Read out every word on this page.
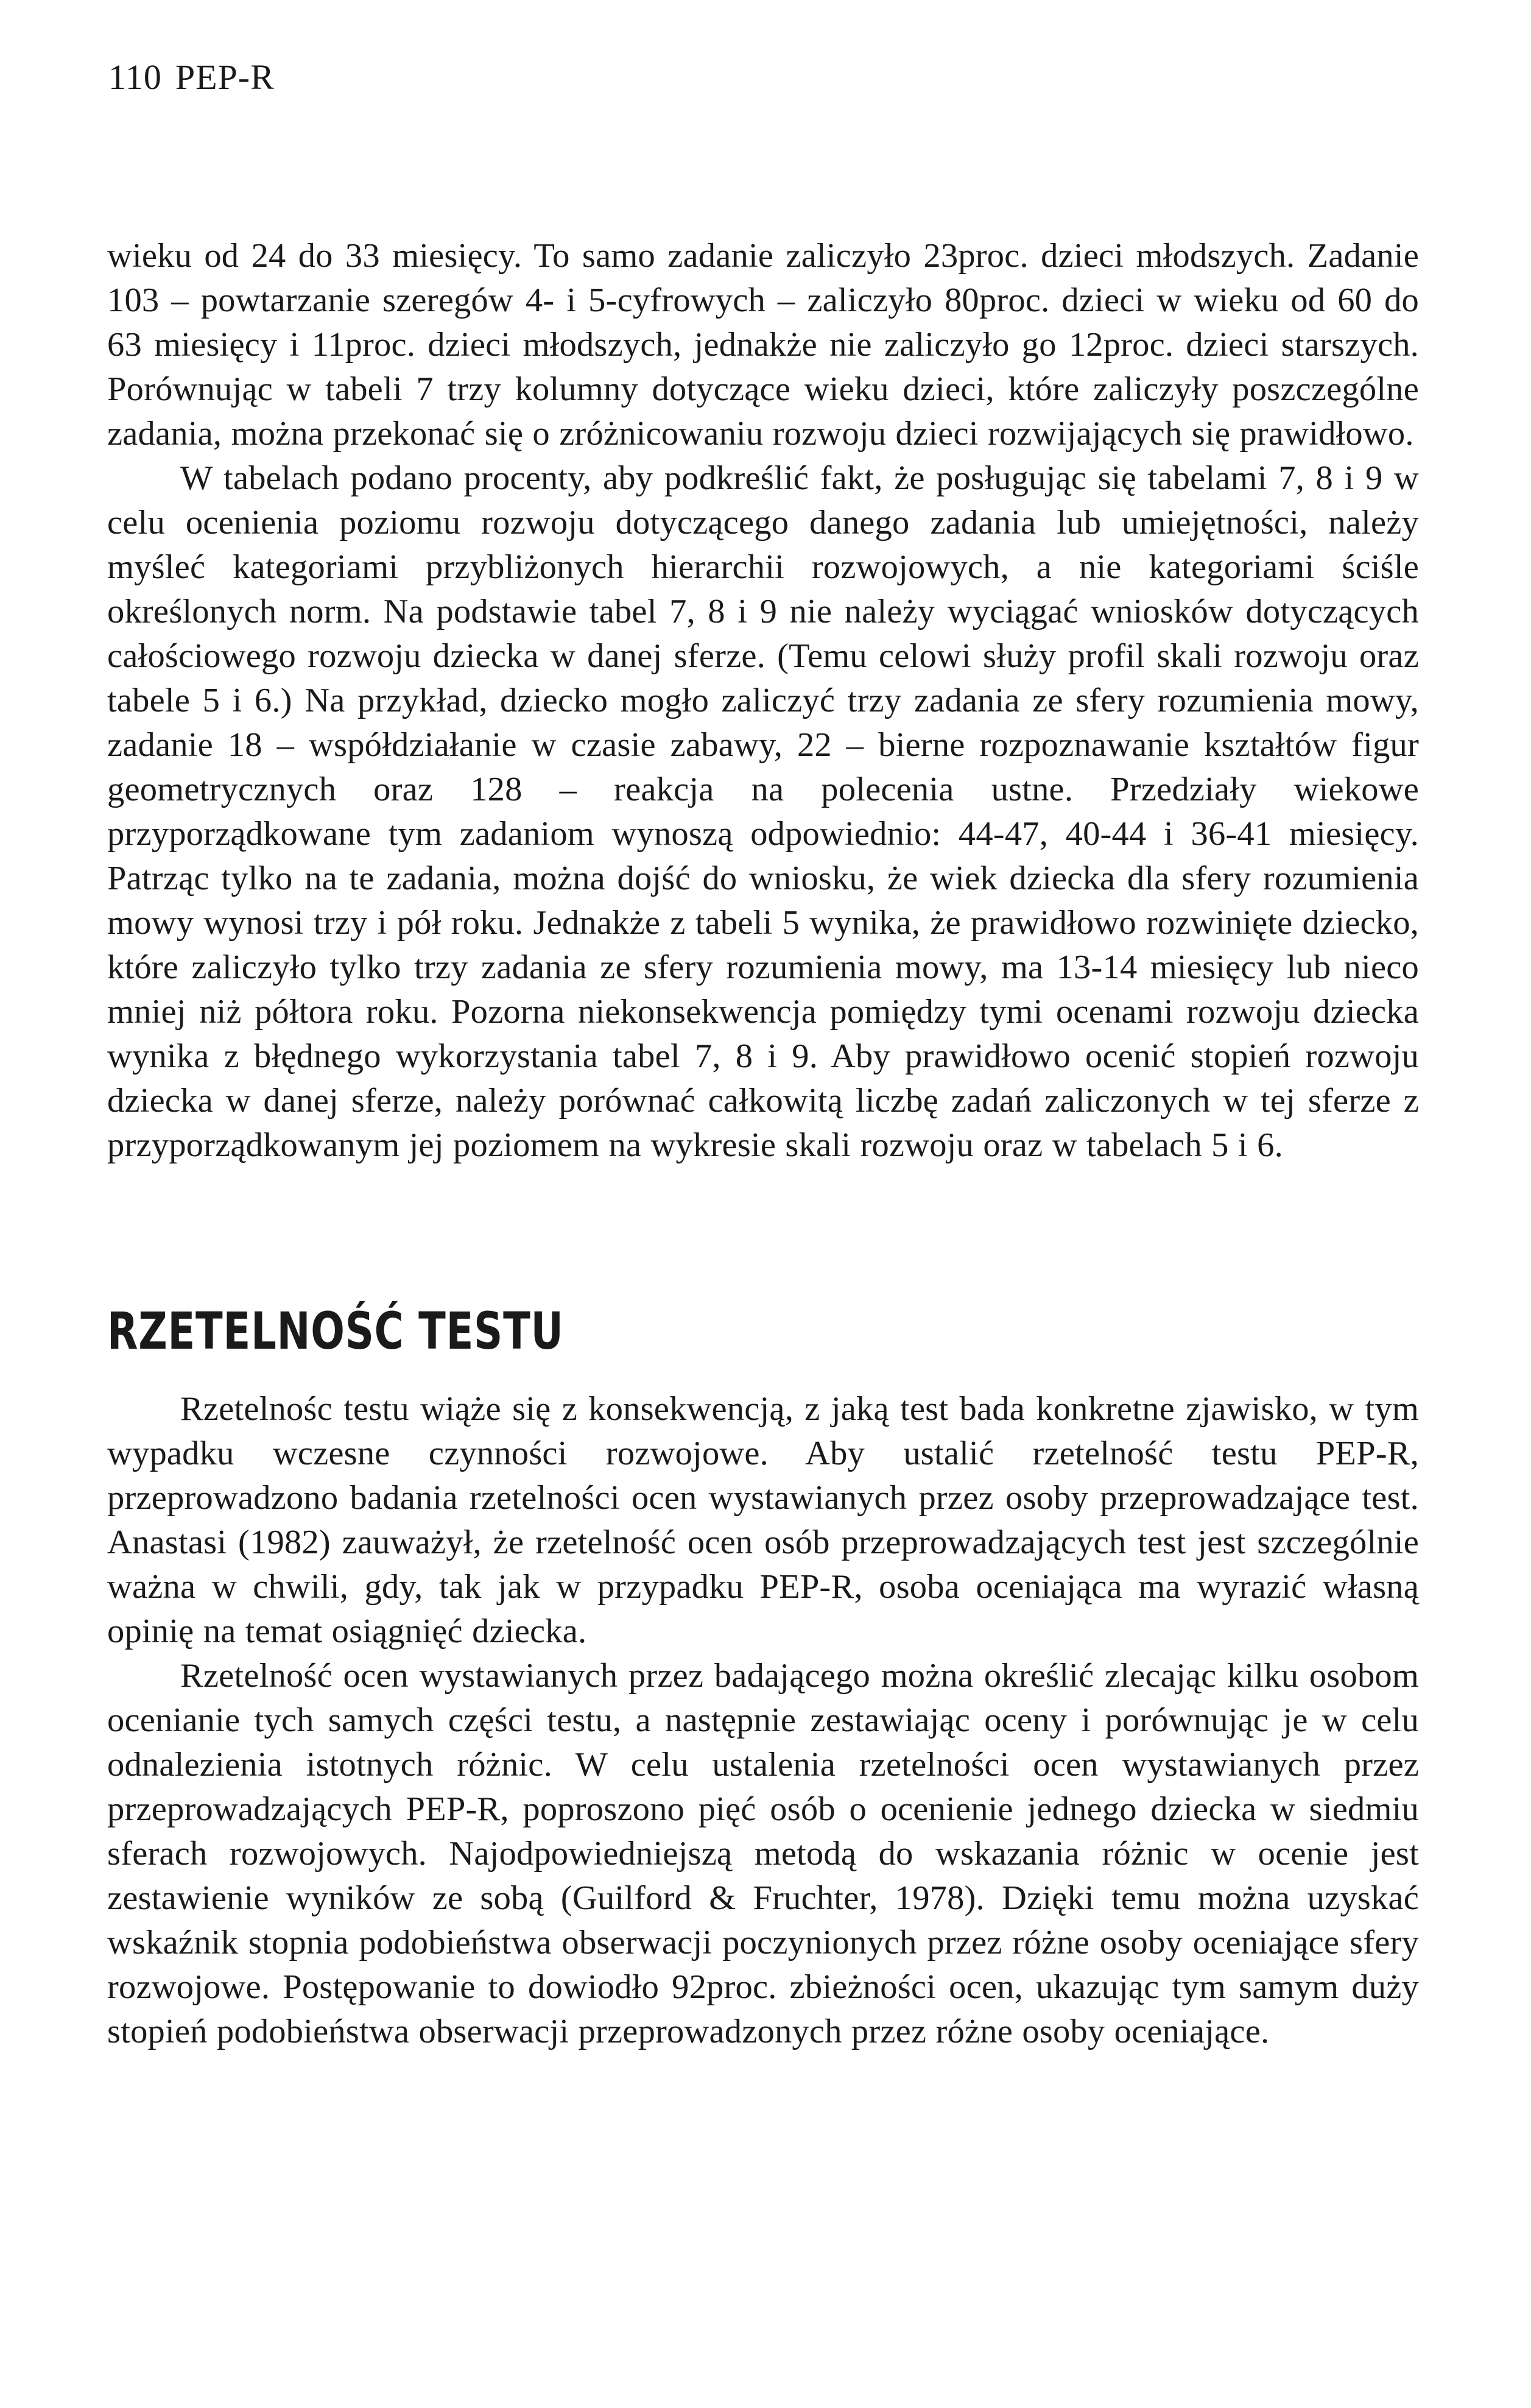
110 PEP-R

wieku od 24 do 33 miesięcy. To samo zadanie zaliczyło 23proc. dzieci młodszych. Zadanie 103 – powtarzanie szeregów 4- i 5-cyfrowych – zaliczyło 80proc. dzieci w wieku od 60 do 63 miesięcy i 11proc. dzieci młodszych, jednakże nie zaliczyło go 12proc. dzieci starszych. Porównując w tabeli 7 trzy kolumny dotyczące wieku dzieci, które zaliczyły poszczególne zadania, można przekonać się o zróżnicowaniu rozwoju dzieci rozwijających się prawidłowo.

W tabelach podano procenty, aby podkreślić fakt, że posługując się tabelami 7, 8 i 9 w celu ocenienia poziomu rozwoju dotyczącego danego zadania lub umiejętności, należy myśleć kategoriami przybliżonych hierarchii rozwojowych, a nie kategoriami ściśle określonych norm. Na podstawie tabel 7, 8 i 9 nie należy wyciągać wniosków dotyczących całościowego rozwoju dziecka w danej sferze. (Temu celowi służy profil skali rozwoju oraz tabele 5 i 6.) Na przykład, dziecko mogło zaliczyć trzy zadania ze sfery rozumienia mowy, zadanie 18 – współdziałanie w czasie zabawy, 22 – bierne rozpoznawanie kształtów figur geometrycznych oraz 128 – reakcja na polecenia ustne. Przedziały wiekowe przyporządkowane tym zadaniom wynoszą odpowiednio: 44-47, 40-44 i 36-41 miesięcy. Patrząc tylko na te zadania, można dojść do wniosku, że wiek dziecka dla sfery rozumienia mowy wynosi trzy i pół roku. Jednakże z tabeli 5 wynika, że prawidłowo rozwinięte dziecko, które zaliczyło tylko trzy zadania ze sfery rozumienia mowy, ma 13-14 miesięcy lub nieco mniej niż półtora roku. Pozorna niekonsekwencja pomiędzy tymi ocenami rozwoju dziecka wynika z błędnego wykorzystania tabel 7, 8 i 9. Aby prawidłowo ocenić stopień rozwoju dziecka w danej sferze, należy porównać całkowitą liczbę zadań zaliczonych w tej sferze z przyporządkowanym jej poziomem na wykresie skali rozwoju oraz w tabelach 5 i 6.

RZETELNOŚĆ TESTU

Rzetelnośc testu wiąże się z konsekwencją, z jaką test bada konkretne zjawisko, w tym wypadku wczesne czynności rozwojowe. Aby ustalić rzetelność testu PEP-R, przeprowadzono badania rzetelności ocen wystawianych przez osoby przeprowadzające test. Anastasi (1982) zauważył, że rzetelność ocen osób przeprowadzających test jest szczególnie ważna w chwili, gdy, tak jak w przypadku PEP-R, osoba oceniająca ma wyrazić własną opinię na temat osiągnięć dziecka.

Rzetelność ocen wystawianych przez badającego można określić zlecając kilku osobom ocenianie tych samych części testu, a następnie zestawiając oceny i porównując je w celu odnalezienia istotnych różnic. W celu ustalenia rzetelności ocen wystawianych przez przeprowadzających PEP-R, poproszono pięć osób o ocenienie jednego dziecka w siedmiu sferach rozwojowych. Najodpowiedniejszą metodą do wskazania różnic w ocenie jest zestawienie wyników ze sobą (Guilford & Fruchter, 1978). Dzięki temu można uzyskać wskaźnik stopnia podobieństwa obserwacji poczynionych przez różne osoby oceniające sfery rozwojowe. Postępowanie to dowiodło 92proc. zbieżności ocen, ukazując tym samym duży stopień podobieństwa obserwacji przeprowadzonych przez różne osoby oceniające.
